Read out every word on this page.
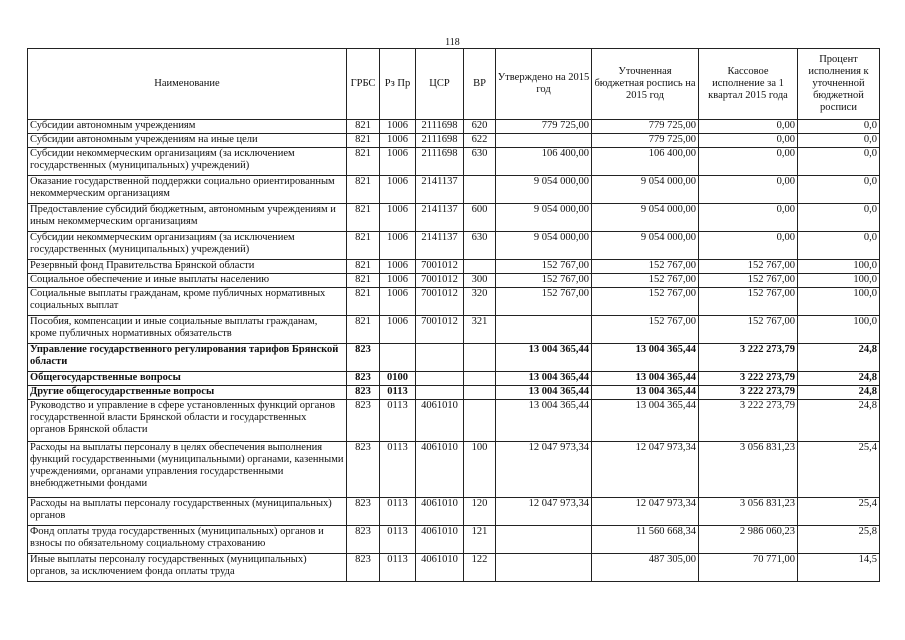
118
Наименование	ГРБС	Рз Пр	ЦСР	ВР	Утверждено на 2015 год	Уточненная бюджетная роспись на 2015 год	Кассовое исполнение за 1 квартал 2015 года	Процент исполнения к уточненной бюджетной росписи
Субсидии автономным учреждениям	821	1006	2111698	620	779 725,00	779 725,00	0,00	0,0
Субсидии автономным учреждениям на иные цели	821	1006	2111698	622		779 725,00	0,00	0,0
Субсидии некоммерческим организациям (за исключением государственных (муниципальных) учреждений)	821	1006	2111698	630	106 400,00	106 400,00	0,00	0,0
Оказание государственной поддержки социально ориентированным некоммерческим организациям	821	1006	2141137		9 054 000,00	9 054 000,00	0,00	0,0
Предоставление субсидий бюджетным, автономным учреждениям и иным некоммерческим организациям	821	1006	2141137	600	9 054 000,00	9 054 000,00	0,00	0,0
Субсидии некоммерческим организациям (за исключением государственных (муниципальных) учреждений)	821	1006	2141137	630	9 054 000,00	9 054 000,00	0,00	0,0
Резервный фонд Правительства Брянской области	821	1006	7001012		152 767,00	152 767,00	152 767,00	100,0
Социальное обеспечение и иные выплаты населению	821	1006	7001012	300	152 767,00	152 767,00	152 767,00	100,0
Социальные выплаты гражданам, кроме публичных нормативных социальных выплат	821	1006	7001012	320	152 767,00	152 767,00	152 767,00	100,0
Пособия, компенсации и иные социальные выплаты гражданам, кроме публичных нормативных обязательств	821	1006	7001012	321		152 767,00	152 767,00	100,0
Управление государственного регулирования тарифов Брянской области	823				13 004 365,44	13 004 365,44	3 222 273,79	24,8
Общегосударственные вопросы	823	0100			13 004 365,44	13 004 365,44	3 222 273,79	24,8
Другие общегосударственные вопросы	823	0113			13 004 365,44	13 004 365,44	3 222 273,79	24,8
Руководство и управление в сфере установленных функций органов государственной власти Брянской области и государственных органов Брянской области	823	0113	4061010		13 004 365,44	13 004 365,44	3 222 273,79	24,8
Расходы на выплаты персоналу в целях обеспечения выполнения функций государственными (муниципальными) органами, казенными учреждениями, органами управления государственными внебюджетными фондами	823	0113	4061010	100	12 047 973,34	12 047 973,34	3 056 831,23	25,4
Расходы на выплаты персоналу государственных (муниципальных) органов	823	0113	4061010	120	12 047 973,34	12 047 973,34	3 056 831,23	25,4
Фонд оплаты труда государственных (муниципальных) органов и взносы по обязательному социальному страхованию	823	0113	4061010	121		11 560 668,34	2 986 060,23	25,8
Иные выплаты персоналу государственных (муниципальных) органов, за исключением фонда оплаты труда	823	0113	4061010	122		487 305,00	70 771,00	14,5
